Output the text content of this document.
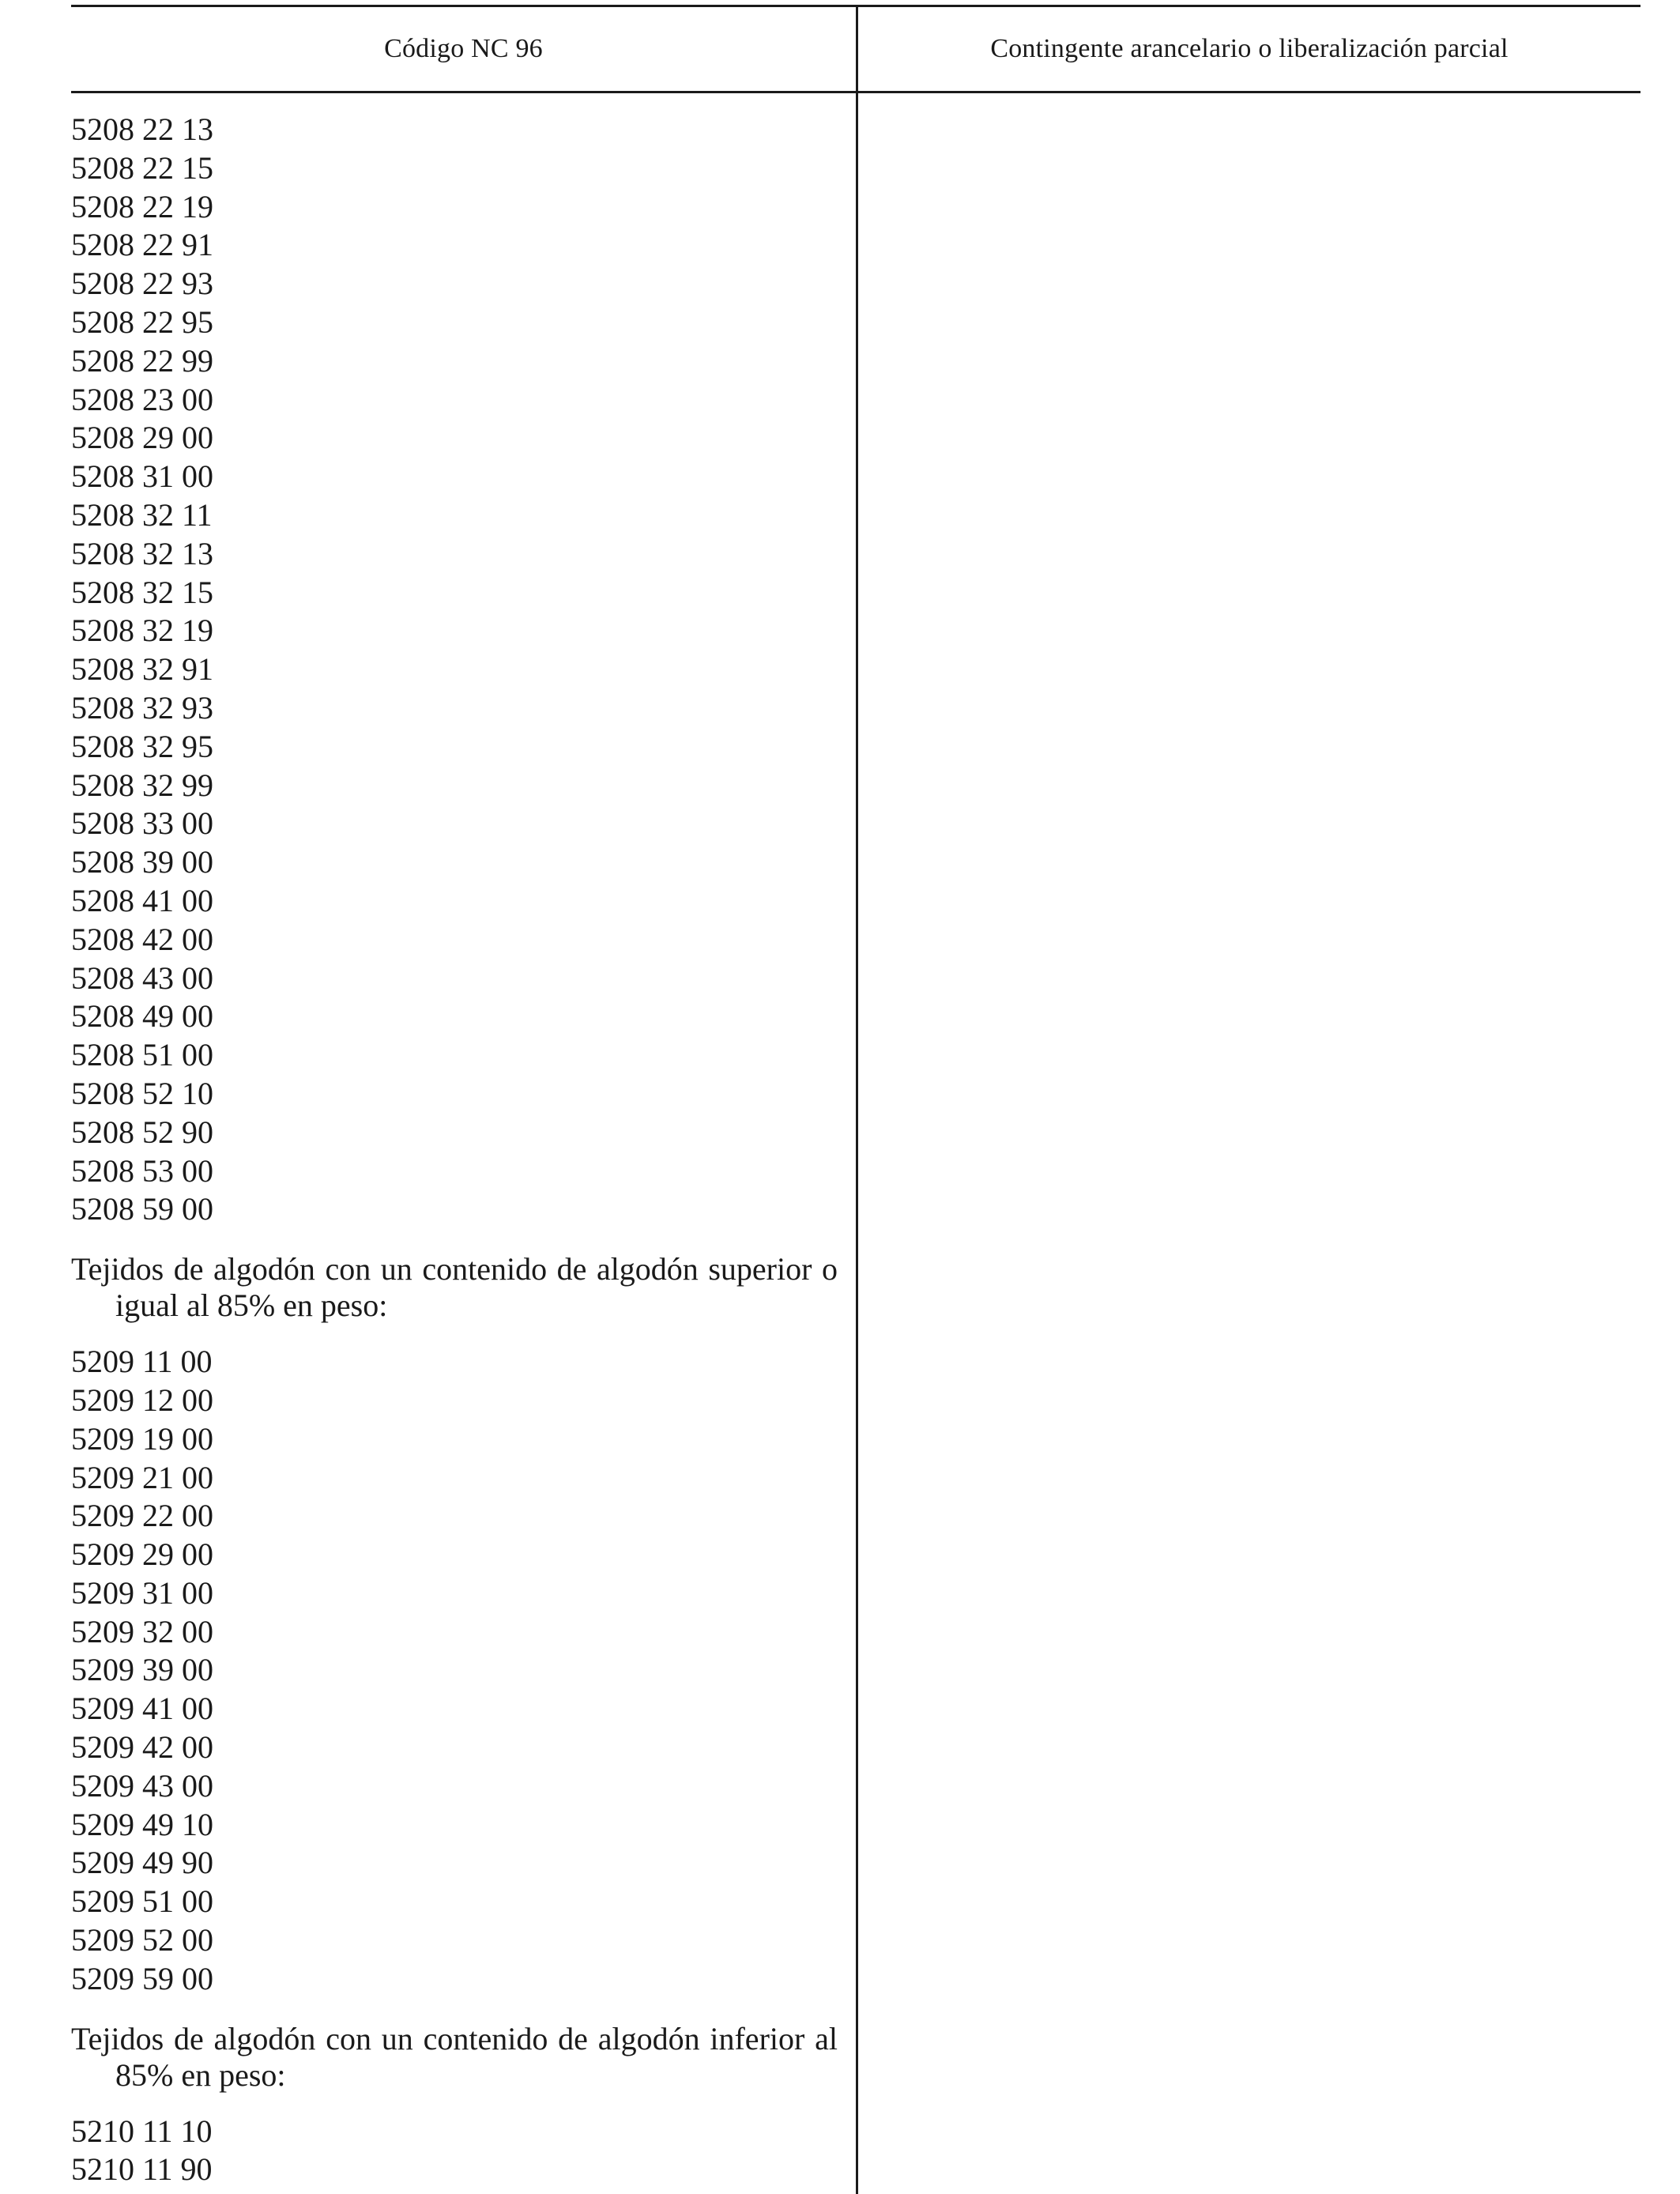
Código NC 96	Contingente arancelario o liberalización parcial
5208 22 13
5208 22 15
5208 22 19
5208 22 91
5208 22 93
5208 22 95
5208 22 99
5208 23 00
5208 29 00
5208 31 00
5208 32 11
5208 32 13
5208 32 15
5208 32 19
5208 32 91
5208 32 93
5208 32 95
5208 32 99
5208 33 00
5208 39 00
5208 41 00
5208 42 00
5208 43 00
5208 49 00
5208 51 00
5208 52 10
5208 52 90
5208 53 00
5208 59 00
Tejidos de algodón con un contenido de algodón superior o igual al 85% en peso:
5209 11 00
5209 12 00
5209 19 00
5209 21 00
5209 22 00
5209 29 00
5209 31 00
5209 32 00
5209 39 00
5209 41 00
5209 42 00
5209 43 00
5209 49 10
5209 49 90
5209 51 00
5209 52 00
5209 59 00
Tejidos de algodón con un contenido de algodón inferior al 85% en peso:
5210 11 10
5210 11 90
